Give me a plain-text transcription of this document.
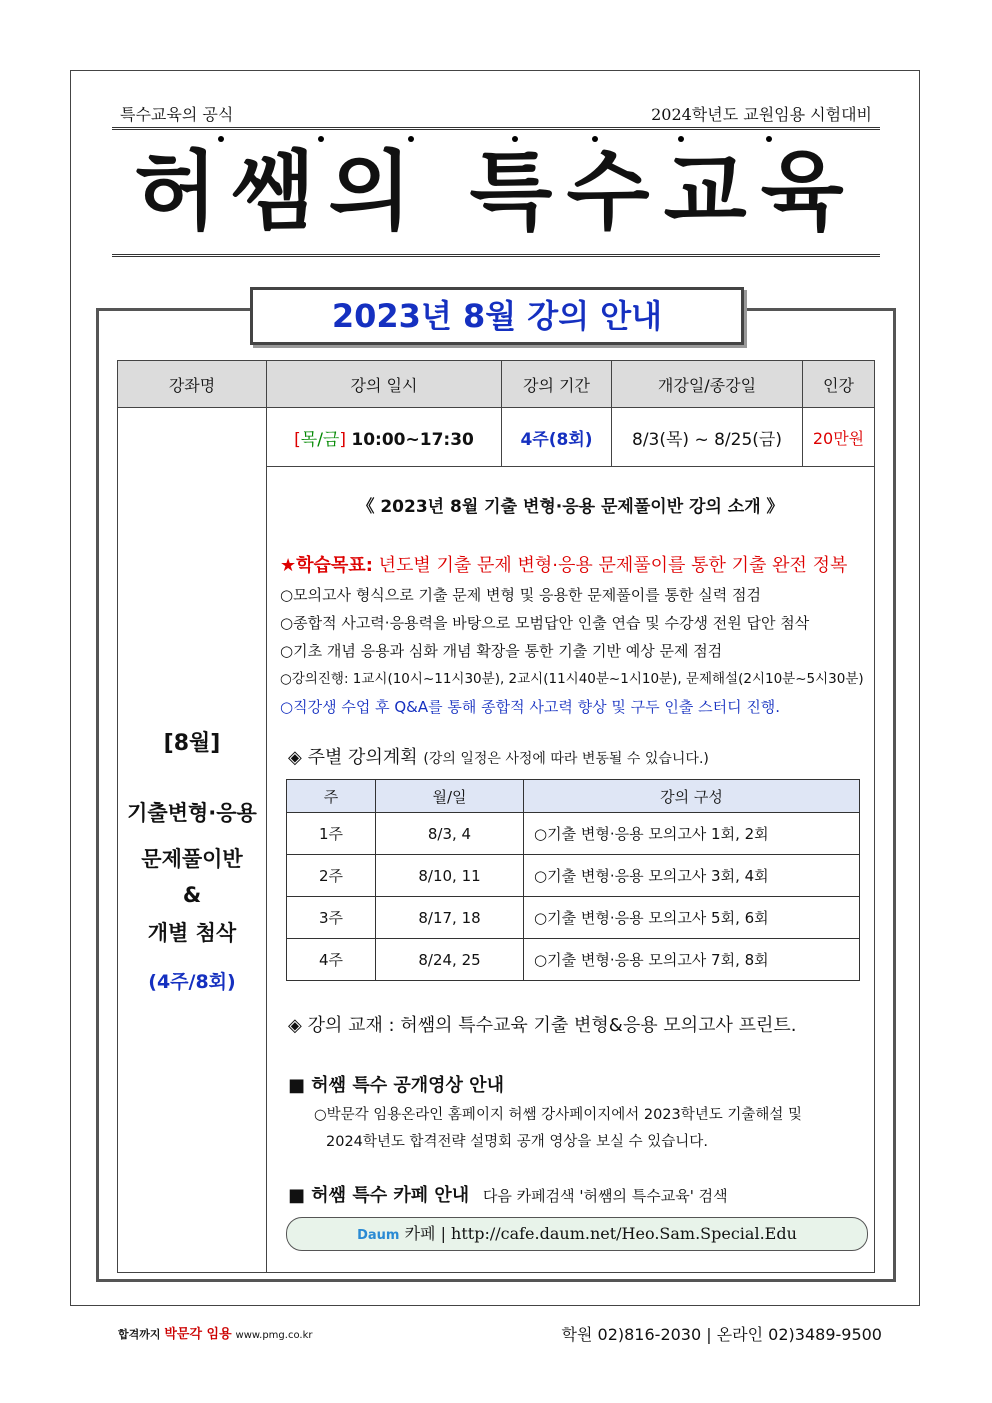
특수교육의 공식	2024학년도 교원임용 시험대비
허쌤의 특수교육
2023년 8월 강의 안내
강좌명	강의 일시	강의 기간	개강일/종강일	인강

[8월]
기출변형·응용
문제풀이반
&
개별 첨삭
(4주/8회)
	[목/금] 10:00~17:30	4주(8회)	8/3(목) ~ 8/25(금)	20만원

《 2023년 8월 기출 변형·응용 문제풀이반 강의 소개 》
★학습목표: 년도별 기출 문제 변형·응용 문제풀이를 통한 기출 완전 정복
○모의고사 형식으로 기출 문제 변형 및 응용한 문제풀이를 통한 실력 점검
○종합적 사고력·응용력을 바탕으로 모범답안 인출 연습 및 수강생 전원 답안 첨삭
○기초 개념 응용과 심화 개념 확장을 통한 기출 기반 예상 문제 점검
○강의진행: 1교시(10시~11시30분), 2교시(11시40분~1시10분), 문제해설(2시10분~5시30분)
○직강생 수업 후 Q&A를 통해 종합적 사고력 향상 및 구두 인출 스터디 진행.
◈ 주별 강의계획 (강의 일정은 사정에 따라 변동될 수 있습니다.)
주	월/일	강의 구성
1주	8/3, 4	○기출 변형·응용 모의고사 1회, 2회
2주	8/10, 11	○기출 변형·응용 모의고사 3회, 4회
3주	8/17, 18	○기출 변형·응용 모의고사 5회, 6회
4주	8/24, 25	○기출 변형·응용 모의고사 7회, 8회
◈ 강의 교재 : 허쌤의 특수교육 기출 변형&응용 모의고사 프린트.
■ 허쌤 특수 공개영상 안내
○박문각 임용온라인 홈페이지 허쌤 강사페이지에서 2023학년도 기출해설 및
2024학년도 합격전략 설명회 공개 영상을 보실 수 있습니다.
■ 허쌤 특수 카페 안내 다음 카페검색 '허쌤의 특수교육' 검색
Daum 카페 | http://cafe.daum.net/Heo.Sam.Special.Edu
합격까지 박문각 임용 www.pmg.co.kr	학원 02)816-2030 | 온라인 02)3489-9500
